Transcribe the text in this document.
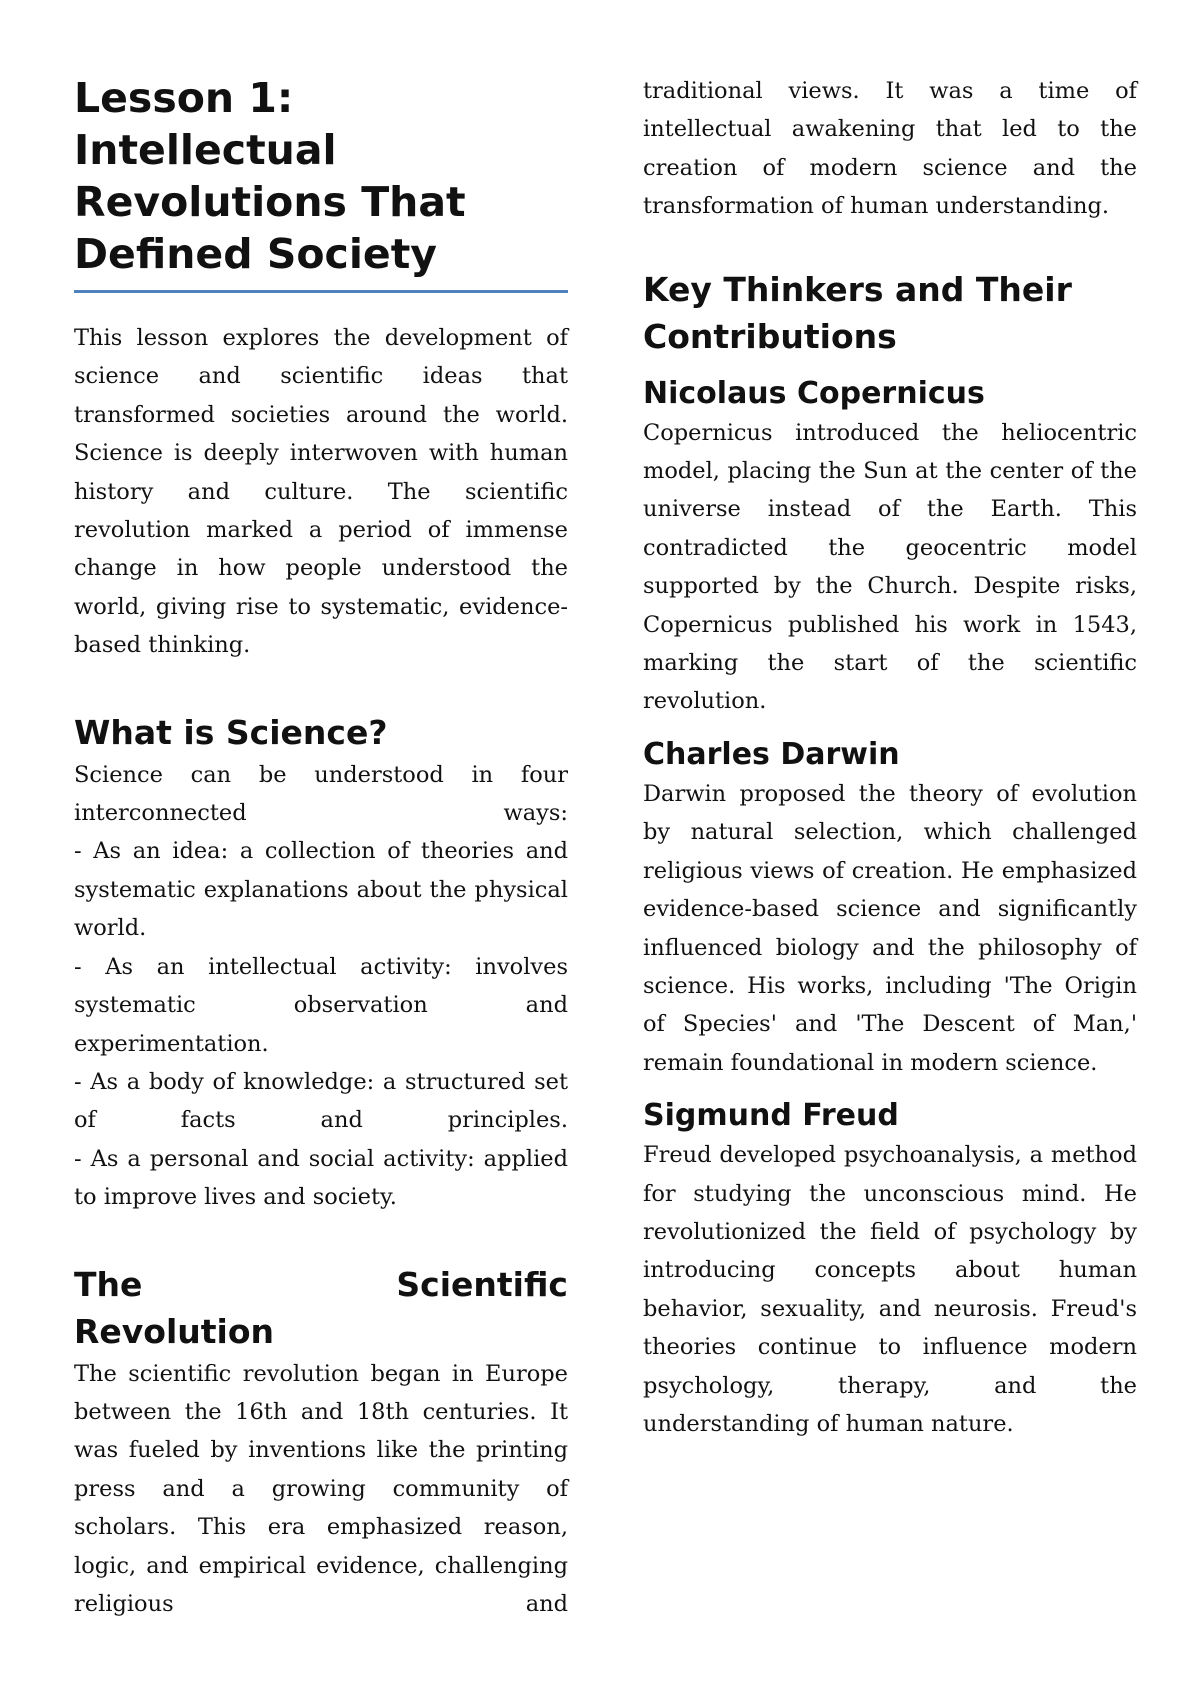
Lesson 1: Intellectual Revolutions That Defined Society

This lesson explores the development of science and scientific ideas that transformed societies around the world. Science is deeply interwoven with human history and culture. The scientific revolution marked a period of immense change in how people understood the world, giving rise to systematic, evidence-based thinking.

What is Science?
Science can be understood in four interconnected ways:
- As an idea: a collection of theories and systematic explanations about the physical world.
- As an intellectual activity: involves systematic observation and experimentation.
- As a body of knowledge: a structured set of facts and principles.
- As a personal and social activity: applied to improve lives and society.
The	Scientific
Revolution

The scientific revolution began in Europe between the 16th and 18th centuries. It was fueled by inventions like the printing press and a growing community of scholars. This era emphasized reason, logic, and empirical evidence, challenging religious and

traditional views. It was a time of intellectual awakening that led to the creation of modern science and the transformation of human understanding.

Key Thinkers and Their Contributions
Nicolaus Copernicus

Copernicus introduced the heliocentric model, placing the Sun at the center of the universe instead of the Earth. This contradicted the geocentric model supported by the Church. Despite risks, Copernicus published his work in 1543, marking the start of the scientific revolution.

Charles Darwin

Darwin proposed the theory of evolution by natural selection, which challenged religious views of creation. He emphasized evidence-based science and significantly influenced biology and the philosophy of science. His works, including 'The Origin of Species' and 'The Descent of Man,' remain foundational in modern science.

Sigmund Freud

Freud developed psychoanalysis, a method for studying the unconscious mind. He revolutionized the field of psychology by introducing concepts about human behavior, sexuality, and neurosis. Freud's theories continue to influence modern psychology, therapy, and the understanding of human nature.
